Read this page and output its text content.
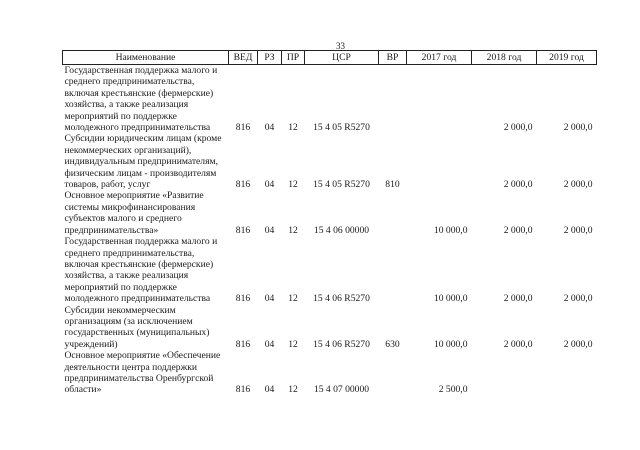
33
Наименование	ВЕД	РЗ	ПР	ЦСР	ВР	2017 год	2018 год	2019 год
Государственная поддержка малого и среднего предпринимательства, включая крестьянские (фермерские) хозяйства, а также реализация мероприятий по поддержке молодежного предпринимательства	816	04	12	15 4 05 R5270			2 000,0	2 000,0
Субсидии юридическим лицам (кроме некоммерческих организаций), индивидуальным предпринимателям, физическим лицам - производителям товаров, работ, услуг	816	04	12	15 4 05 R5270	810		2 000,0	2 000,0
Основное мероприятие «Развитие системы микрофинансирования субъектов малого и среднего предпринимательства»	816	04	12	15 4 06 00000		10 000,0	2 000,0	2 000,0
Государственная поддержка малого и среднего предпринимательства, включая крестьянские (фермерские) хозяйства, а также реализация мероприятий по поддержке молодежного предпринимательства	816	04	12	15 4 06 R5270		10 000,0	2 000,0	2 000,0
Субсидии некоммерческим организациям (за исключением государственных (муниципальных) учреждений)	816	04	12	15 4 06 R5270	630	10 000,0	2 000,0	2 000,0
Основное мероприятие «Обеспечение деятельности центра поддержки предпринимательства Оренбургской области»	816	04	12	15 4 07 00000		2 500,0		
